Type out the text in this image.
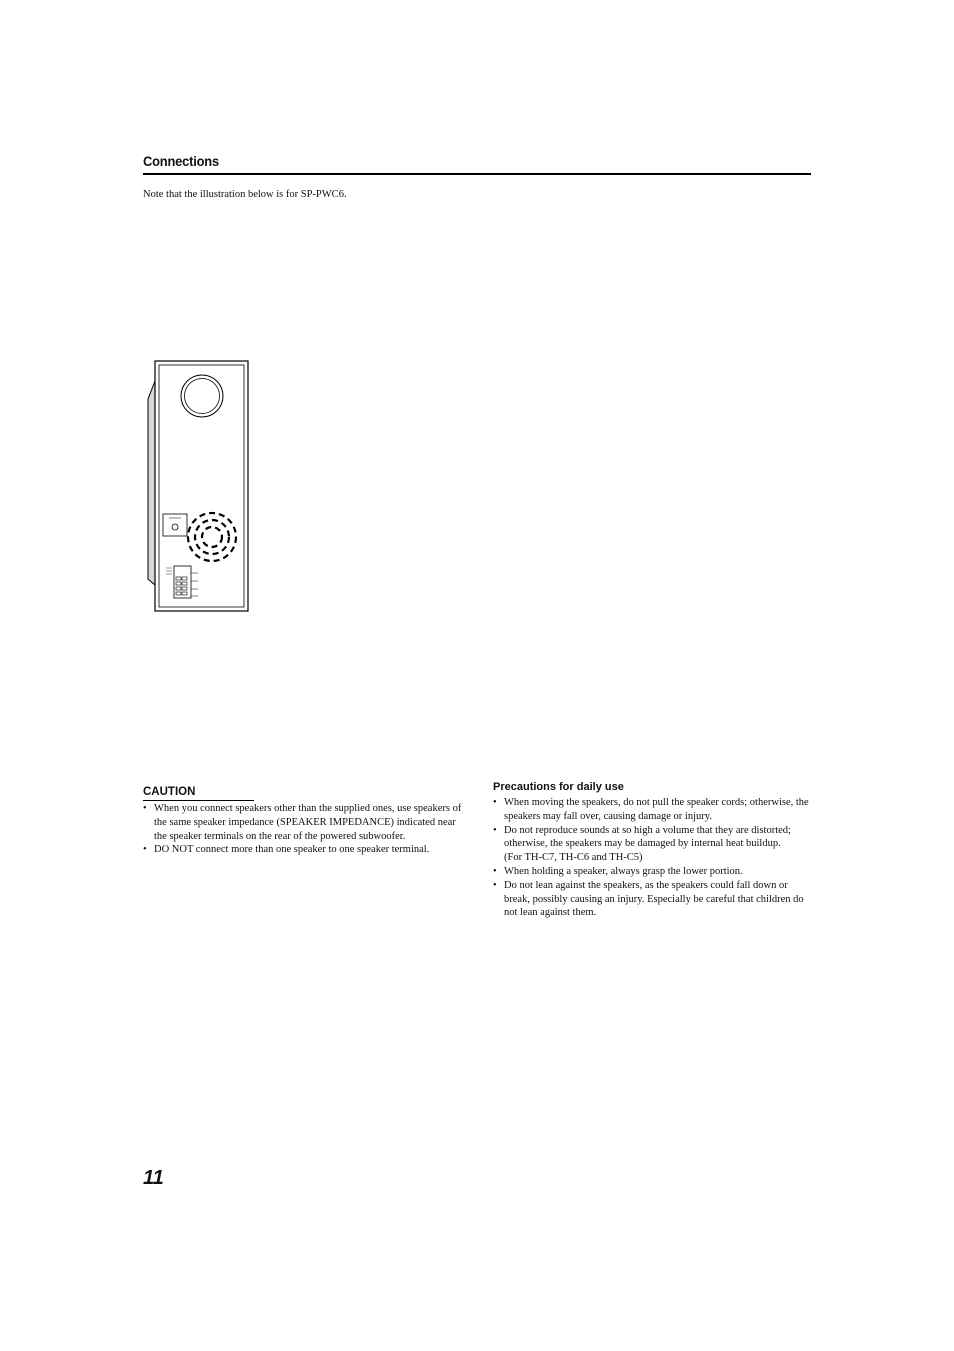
Connections
Note that the illustration below is for SP-PWC6.
CAUTION
• When you connect speakers other than the supplied ones, use speakers of the same speaker impedance (SPEAKER IMPEDANCE) indicated near the speaker terminals on the rear of the powered subwoofer.
• DO NOT connect more than one speaker to one speaker terminal.
Precautions for daily use
• When moving the speakers, do not pull the speaker cords; otherwise, the speakers may fall over, causing damage or injury.
• Do not reproduce sounds at so high a volume that they are distorted; otherwise, the speakers may be damaged by internal heat buildup.
(For TH-C7, TH-C6 and TH-C5)
• When holding a speaker, always grasp the lower portion.
• Do not lean against the speakers, as the speakers could fall down or break, possibly causing an injury. Especially be careful that children do not lean against them.
11
